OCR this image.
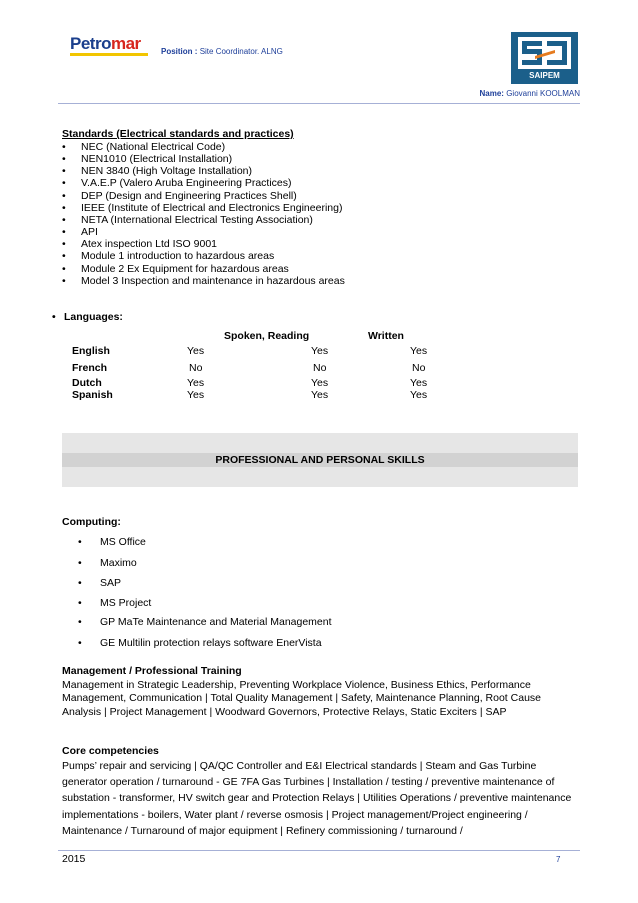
Petromar	Position : Site Coordinator. ALNG
SAIPEM
Name: Giovanni KOOLMAN
Standards (Electrical standards and practices)
• NEC (National Electrical Code)
• NEN1010 (Electrical Installation)
• NEN 3840 (High Voltage Installation)
• V.A.E.P (Valero Aruba Engineering Practices)
• DEP (Design and Engineering Practices Shell)
• IEEE (Institute of Electrical and Electronics Engineering)
• NETA (International Electrical Testing Association)
• API
• Atex inspection Ltd ISO 9001
• Module 1 introduction to hazardous areas
• Module 2 Ex Equipment for hazardous areas
• Model 3 Inspection and maintenance in hazardous areas
• Languages:
Spoken, Reading	Written
English	Yes	Yes	Yes
French	No	No	No
Dutch	Yes	Yes	Yes
Spanish	Yes	Yes	Yes
PROFESSIONAL AND PERSONAL SKILLS
Computing:
• MS Office
• Maximo
• SAP
• MS Project
• GP MaTe Maintenance and Material Management
• GE Multilin protection relays software EnerVista
Management / Professional Training
Management in Strategic Leadership, Preventing Workplace Violence, Business Ethics, Performance Management, Communication | Total Quality Management | Safety, Maintenance Planning, Root Cause Analysis | Project Management | Woodward Governors, Protective Relays, Static Exciters | SAP
Core competencies
Pumps’ repair and servicing | QA/QC Controller and E&I Electrical standards | Steam and Gas Turbine generator operation / turnaround - GE 7FA Gas Turbines | Installation / testing / preventive maintenance of substation - transformer, HV switch gear and Protection Relays | Utilities Operations / preventive maintenance implementations - boilers, Water plant / reverse osmosis | Project management/Project engineering / Maintenance / Turnaround of major equipment | Refinery commissioning / turnaround /
2015	7
